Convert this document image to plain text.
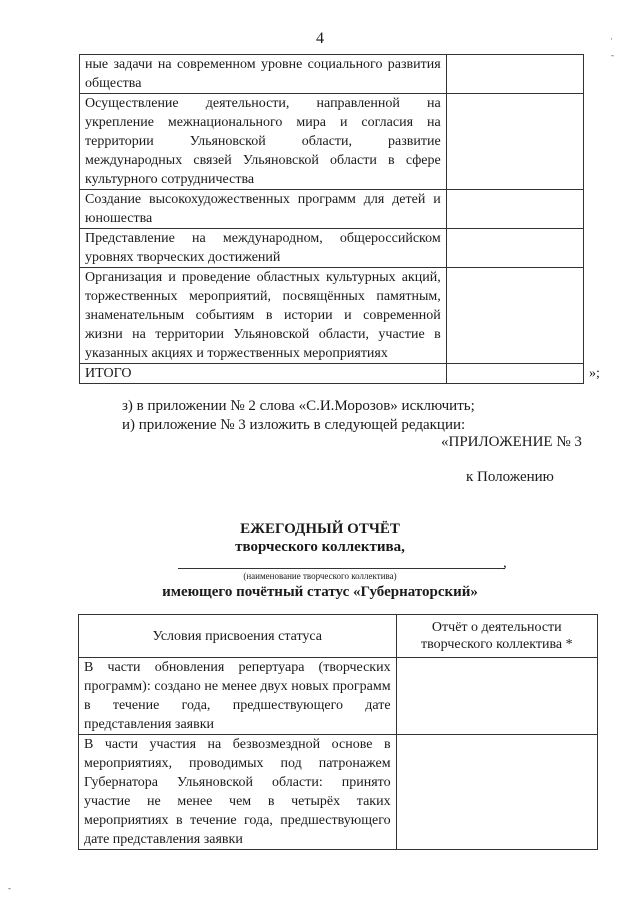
4	·
-
-
ные задачи на современном уровне социального развития общества	
Осуществление деятельности, направленной на укрепление межнационального мира и согласия на территории Ульяновской области, развитие международных связей Ульяновской области в сфере культурного сотрудничества	
Создание высокохудожественных программ для детей и юношества	
Представление на международном, общероссийском уровнях творческих достижений	
Организация и проведение областных культурных акций, торжественных мероприятий, посвящённых памятным, знаменательным событиям в истории и современной жизни на территории Ульяновской области, участие в указанных акциях и торжественных мероприятиях	
ИТОГО		»;
з) в приложении № 2 слова «С.И.Морозов» исключить;
и) приложение № 3 изложить в следующей редакции:
«ПРИЛОЖЕНИЕ № 3
к Положению
ЕЖЕГОДНЫЙ ОТЧЁТ
творческого коллектива,
,
(наименование творческого коллектива)
имеющего почётный статус «Губернаторский»
Условия присвоения статуса	Отчёт о деятельности творческого коллектива *
В части обновления репертуара (творческих программ): создано не менее двух новых программ в течение года, предшествующего дате представления заявки	
В части участия на безвозмездной основе в мероприятиях, проводимых под патронажем Губернатора Ульяновской области: принято участие не менее чем в четырёх таких мероприятиях в течение года, предшествующего дате представления заявки	
